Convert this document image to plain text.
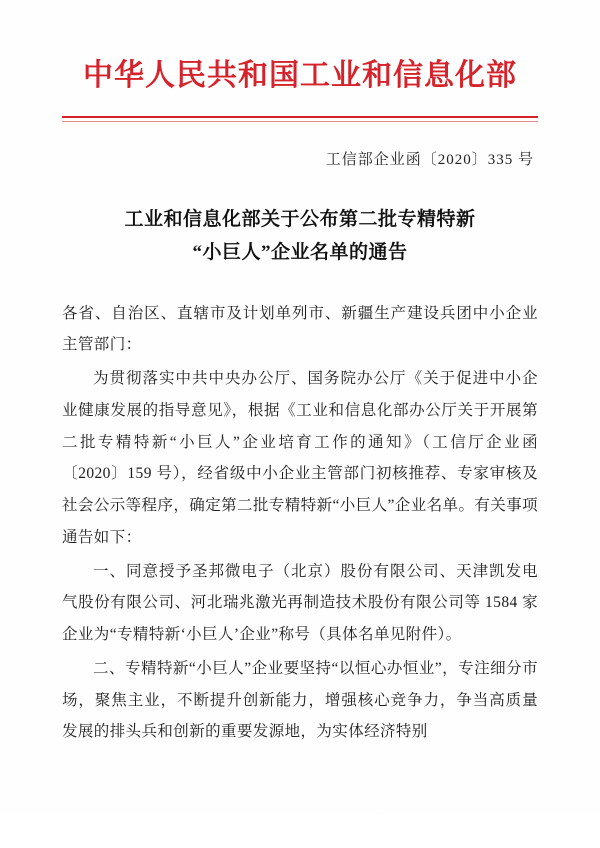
中华人民共和国工业和信息化部
工信部企业函〔2020〕335 号
工业和信息化部关于公布第二批专精特新
“小巨人”企业名单的通告

各省、自治区、直辖市及计划单列市、新疆生产建设兵团中小企业主管部门：

为贯彻落实中共中央办公厅、国务院办公厅《关于促进中小企业健康发展的指导意见》，根据《工业和信息化部办公厅关于开展第二批专精特新“小巨人”企业培育工作的通知》（工信厅企业函〔2020〕159 号），经省级中小企业主管部门初核推荐、专家审核及社会公示等程序，确定第二批专精特新“小巨人”企业名单。有关事项通告如下：

一、同意授予圣邦微电子（北京）股份有限公司、天津凯发电气股份有限公司、河北瑞兆激光再制造技术股份有限公司等 1584 家企业为“专精特新‘小巨人’企业”称号（具体名单见附件）。

二、专精特新“小巨人”企业要坚持“以恒心办恒业”，专注细分市场，聚焦主业，不断提升创新能力，增强核心竞争力，争当高质量发展的排头兵和创新的重要发源地，为实体经济特别
